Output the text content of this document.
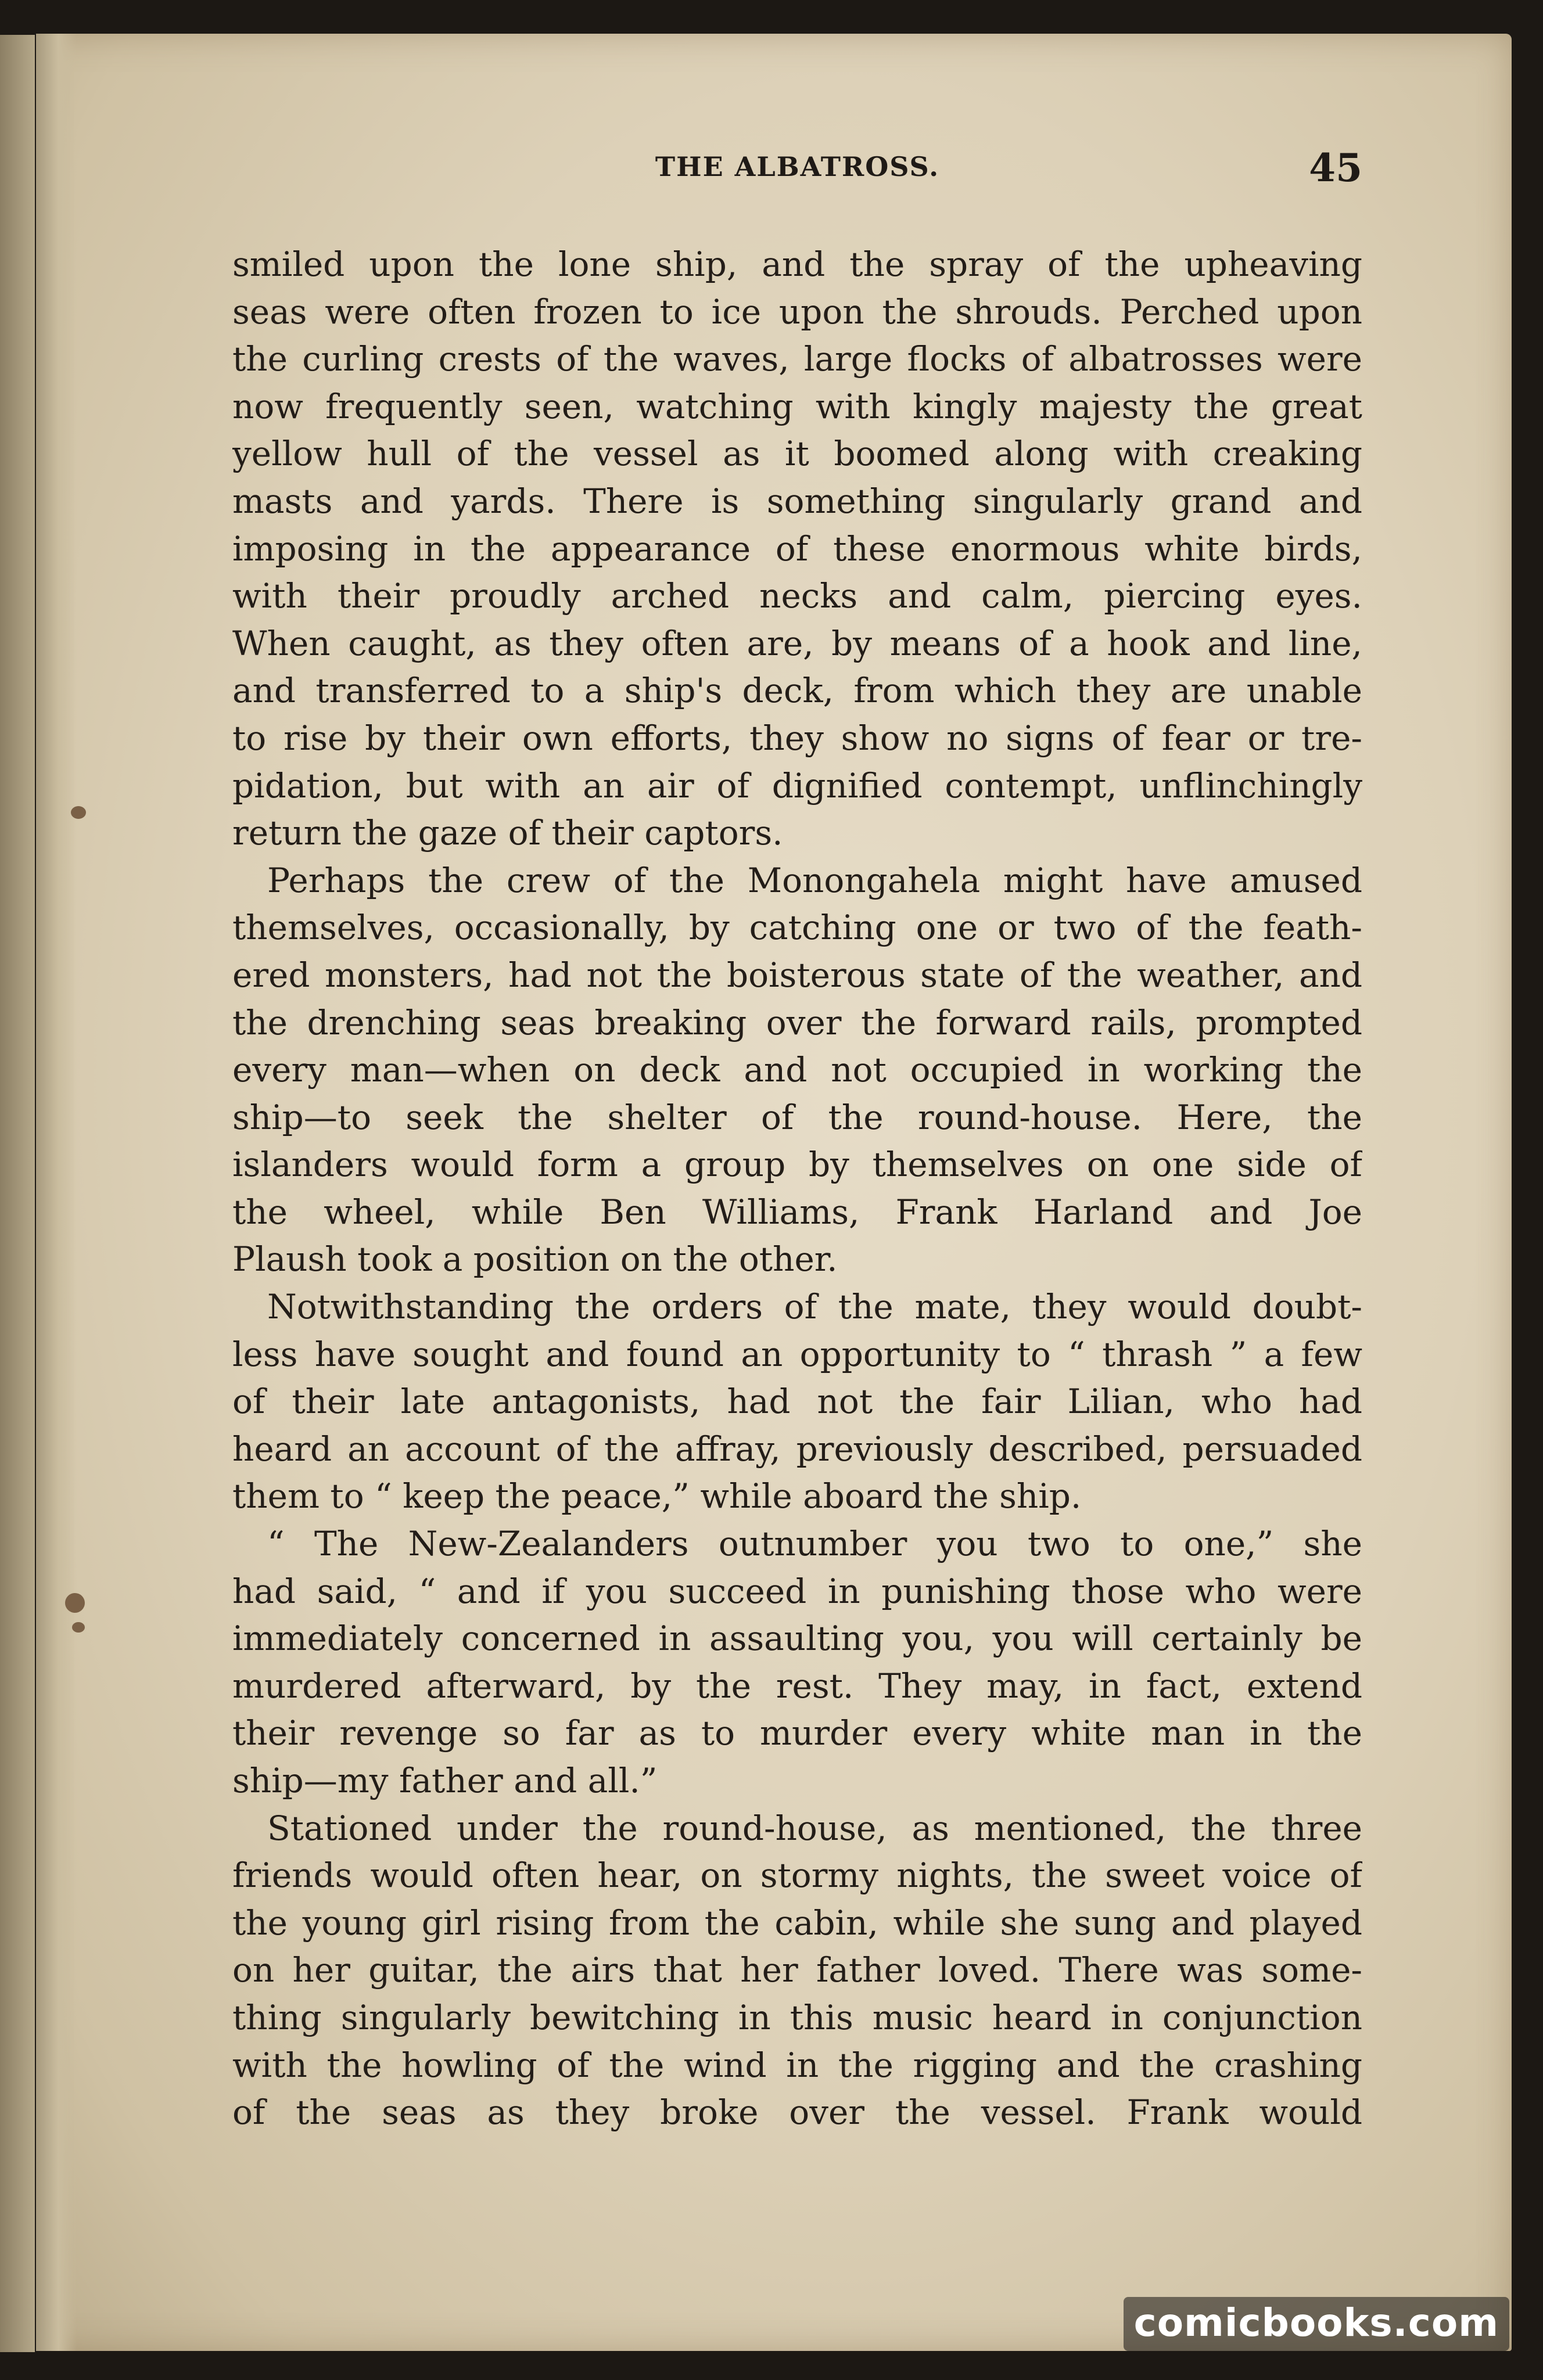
THE ALBATROSS.	45
smiled upon the lone ship, and the spray of the upheaving
seas were often frozen to ice upon the shrouds. Perched upon
the curling crests of the waves, large flocks of albatrosses were
now frequently seen, watching with kingly majesty the great
yellow hull of the vessel as it boomed along with creaking
masts and yards. There is something singularly grand and
imposing in the appearance of these enormous white birds,
with their proudly arched necks and calm, piercing eyes.
When caught, as they often are, by means of a hook and line,
and transferred to a ship's deck, from which they are unable
to rise by their own efforts, they show no signs of fear or tre-
pidation, but with an air of dignified contempt, unflinchingly
return the gaze of their captors.
Perhaps the crew of the Monongahela might have amused
themselves, occasionally, by catching one or two of the feath-
ered monsters, had not the boisterous state of the weather, and
the drenching seas breaking over the forward rails, prompted
every man—when on deck and not occupied in working the
ship—to seek the shelter of the round-house. Here, the
islanders would form a group by themselves on one side of
the wheel, while Ben Williams, Frank Harland and Joe
Plaush took a position on the other.
Notwithstanding the orders of the mate, they would doubt-
less have sought and found an opportunity to “ thrash ” a few
of their late antagonists, had not the fair Lilian, who had
heard an account of the affray, previously described, persuaded
them to “ keep the peace,” while aboard the ship.
“ The New-Zealanders outnumber you two to one,” she
had said, “ and if you succeed in punishing those who were
immediately concerned in assaulting you, you will certainly be
murdered afterward, by the rest. They may, in fact, extend
their revenge so far as to murder every white man in the
ship—my father and all.”
Stationed under the round-house, as mentioned, the three
friends would often hear, on stormy nights, the sweet voice of
the young girl rising from the cabin, while she sung and played
on her guitar, the airs that her father loved. There was some-
thing singularly bewitching in this music heard in conjunction
with the howling of the wind in the rigging and the crashing
of the seas as they broke over the vessel. Frank would
comicbooks.com
